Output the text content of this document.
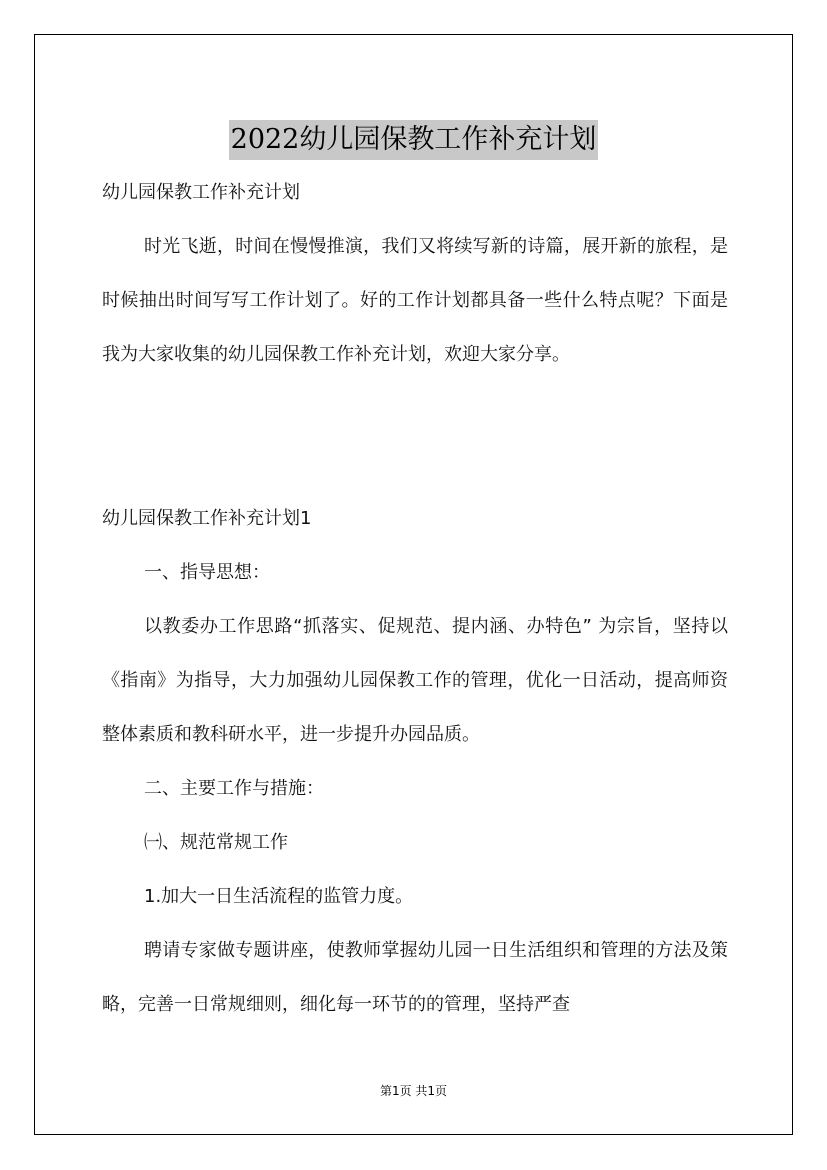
2022幼儿园保教工作补充计划

幼儿园保教工作补充计划

时光飞逝，时间在慢慢推演，我们又将续写新的诗篇，展开新的旅程，是时候抽出时间写写工作计划了。好的工作计划都具备一些什么特点呢？下面是我为大家收集的幼儿园保教工作补充计划，欢迎大家分享。

幼儿园保教工作补充计划1

一、指导思想：

以教委办工作思路“抓落实、促规范、提内涵、办特色” 为宗旨，坚持以《指南》为指导，大力加强幼儿园保教工作的管理，优化一日活动，提高师资整体素质和教科研水平，进一步提升办园品质。

二、主要工作与措施：

㈠、规范常规工作

1.加大一日生活流程的监管力度。

聘请专家做专题讲座，使教师掌握幼儿园一日生活组织和管理的方法及策略，完善一日常规细则，细化每一环节的的管理，坚持严查

第1页 共1页
